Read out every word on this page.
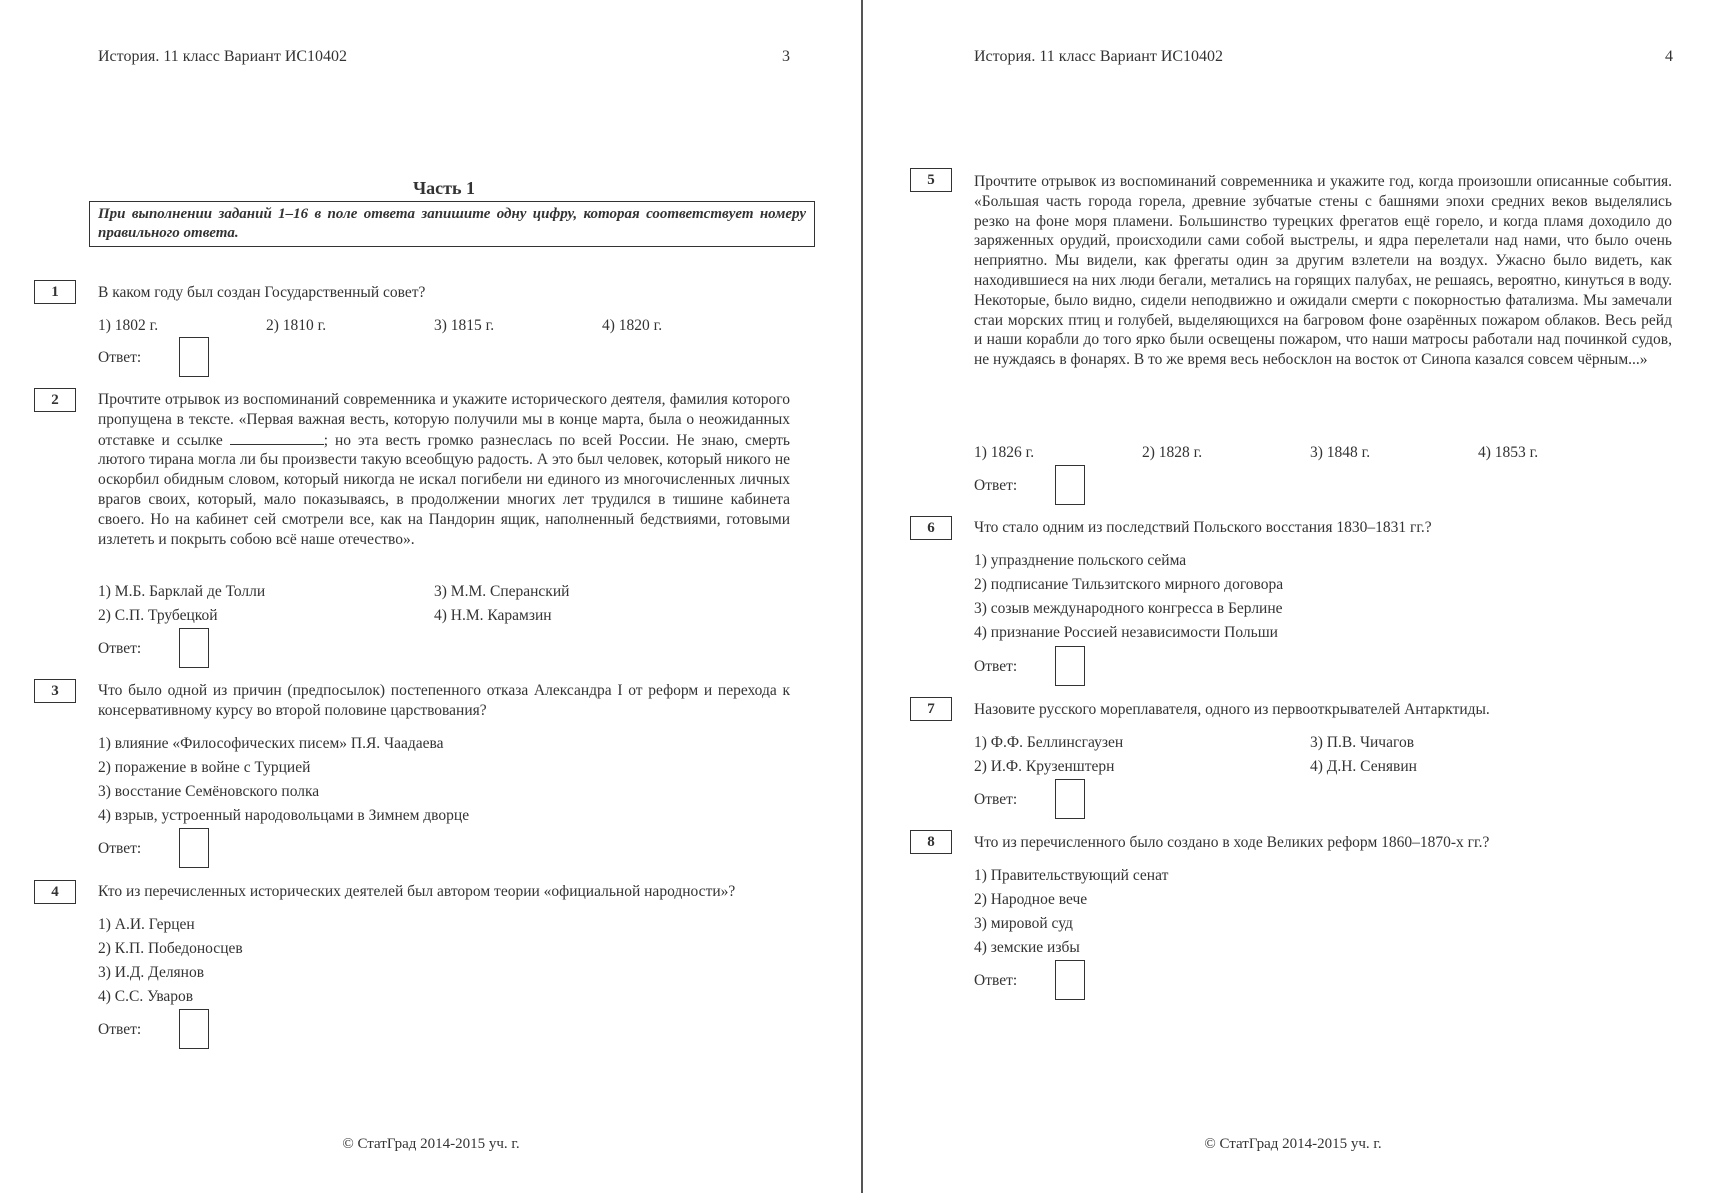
История. 11 класс Вариант ИС10402	3
Часть 1
При выполнении заданий 1–16 в поле ответа запишите одну цифру, которая соответствует номеру правильного ответа.
1	В каком году был создан Государственный совет?
1) 1802 г.	2) 1810 г.	3) 1815 г.	4) 1820 г.
Ответ:
2	Прочтите отрывок из воспоминаний современника и укажите исторического деятеля, фамилия которого пропущена в тексте. «Первая важная весть, которую получили мы в конце марта, была о неожиданных отставке и ссылке	; но эта весть громко разнеслась по всей России. Не знаю, смерть лютого тирана могла ли бы произвести такую всеобщую радость. А это был человек, который никого не оскорбил обидным словом, который никогда не искал погибели ни единого из многочисленных личных врагов своих, который, мало показываясь, в продолжении многих лет трудился в тишине кабинета своего. Но на кабинет сей смотрели все, как на Пандорин ящик, наполненный бедствиями, готовыми излететь и покрыть собою всё наше отечество».
1) М.Б. Барклай де Толли	3) М.М. Сперанский
2) С.П. Трубецкой	4) Н.М. Карамзин
Ответ:
3	Что было одной из причин (предпосылок) постепенного отказа Александра I от реформ и перехода к консервативному курсу во второй половине царствования?
1) влияние «Философических писем» П.Я. Чаадаева
2) поражение в войне с Турцией
3) восстание Семёновского полка
4) взрыв, устроенный народовольцами в Зимнем дворце
Ответ:
4	Кто из перечисленных исторических деятелей был автором теории «официальной народности»?
1) А.И. Герцен
2) К.П. Победоносцев
3) И.Д. Делянов
4) С.С. Уваров
Ответ:
© СтатГрад 2014-2015 уч. г.
История. 11 класс Вариант ИС10402	4
5	Прочтите отрывок из воспоминаний современника и укажите год, когда произошли описанные события. «Большая часть города горела, древние зубчатые стены с башнями эпохи средних веков выделялись резко на фоне моря пламени. Большинство турецких фрегатов ещё горело, и когда пламя доходило до заряженных орудий, происходили сами собой выстрелы, и ядра перелетали над нами, что было очень неприятно. Мы видели, как фрегаты один за другим взлетели на воздух. Ужасно было видеть, как находившиеся на них люди бегали, метались на горящих палубах, не решаясь, вероятно, кинуться в воду. Некоторые, было видно, сидели неподвижно и ожидали смерти с покорностью фатализма. Мы замечали стаи морских птиц и голубей, выделяющихся на багровом фоне озарённых пожаром облаков. Весь рейд и наши корабли до того ярко были освещены пожаром, что наши матросы работали над починкой судов, не нуждаясь в фонарях. В то же время весь небосклон на восток от Синопа казался совсем чёрным...»
1) 1826 г.	2) 1828 г.	3) 1848 г.	4) 1853 г.
Ответ:
6	Что стало одним из последствий Польского восстания 1830–1831 гг.?
1) упразднение польского сейма
2) подписание Тильзитского мирного договора
3) созыв международного конгресса в Берлине
4) признание Россией независимости Польши
Ответ:
7	Назовите русского мореплавателя, одного из первооткрывателей Антарктиды.
1) Ф.Ф. Беллинсгаузен	3) П.В. Чичагов
2) И.Ф. Крузенштерн	4) Д.Н. Сенявин
Ответ:
8	Что из перечисленного было создано в ходе Великих реформ 1860–1870-х гг.?
1) Правительствующий сенат
2) Народное вече
3) мировой суд
4) земские избы
Ответ:
© СтатГрад 2014-2015 уч. г.
